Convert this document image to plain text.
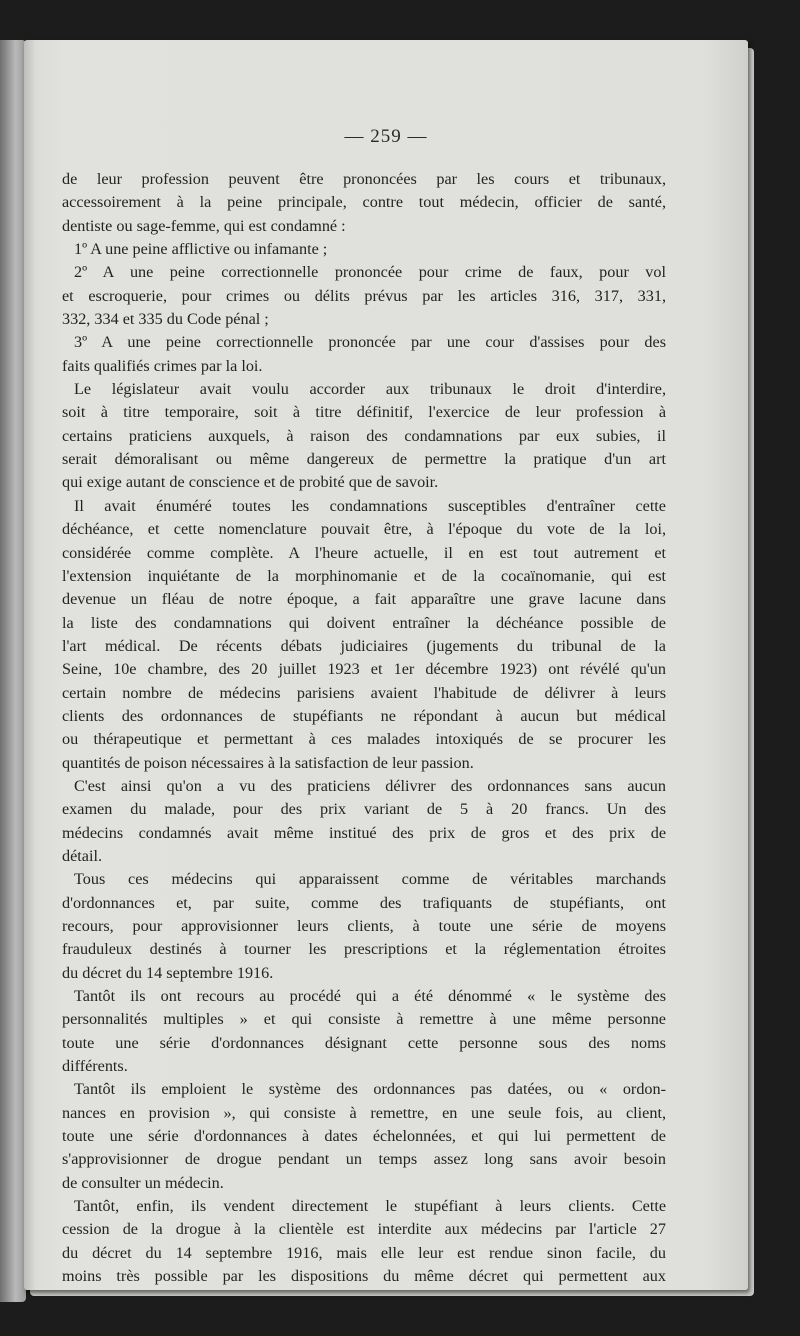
— 259 —
de leur profession peuvent être prononcées par les cours et tribunaux,
accessoirement à la peine principale, contre tout médecin, officier de santé,
dentiste ou sage-femme, qui est condamné :
1º A une peine afflictive ou infamante ;
2º A une peine correctionnelle prononcée pour crime de faux, pour vol
et escroquerie, pour crimes ou délits prévus par les articles 316, 317, 331,
332, 334 et 335 du Code pénal ;
3º A une peine correctionnelle prononcée par une cour d'assises pour des
faits qualifiés crimes par la loi.
Le législateur avait voulu accorder aux tribunaux le droit d'interdire,
soit à titre temporaire, soit à titre définitif, l'exercice de leur profession à
certains praticiens auxquels, à raison des condamnations par eux subies, il
serait démoralisant ou même dangereux de permettre la pratique d'un art
qui exige autant de conscience et de probité que de savoir.
Il avait énuméré toutes les condamnations susceptibles d'entraîner cette
déchéance, et cette nomenclature pouvait être, à l'époque du vote de la loi,
considérée comme complète. A l'heure actuelle, il en est tout autrement et
l'extension inquiétante de la morphinomanie et de la cocaïnomanie, qui est
devenue un fléau de notre époque, a fait apparaître une grave lacune dans
la liste des condamnations qui doivent entraîner la déchéance possible de
l'art médical. De récents débats judiciaires (jugements du tribunal de la
Seine, 10e chambre, des 20 juillet 1923 et 1er décembre 1923) ont révélé qu'un
certain nombre de médecins parisiens avaient l'habitude de délivrer à leurs
clients des ordonnances de stupéfiants ne répondant à aucun but médical
ou thérapeutique et permettant à ces malades intoxiqués de se procurer les
quantités de poison nécessaires à la satisfaction de leur passion.
C'est ainsi qu'on a vu des praticiens délivrer des ordonnances sans aucun
examen du malade, pour des prix variant de 5 à 20 francs. Un des
médecins condamnés avait même institué des prix de gros et des prix de
détail.
Tous ces médecins qui apparaissent comme de véritables marchands
d'ordonnances et, par suite, comme des trafiquants de stupéfiants, ont
recours, pour approvisionner leurs clients, à toute une série de moyens
frauduleux destinés à tourner les prescriptions et la réglementation étroites
du décret du 14 septembre 1916.
Tantôt ils ont recours au procédé qui a été dénommé « le système des
personnalités multiples » et qui consiste à remettre à une même personne
toute une série d'ordonnances désignant cette personne sous des noms
différents.
Tantôt ils emploient le système des ordonnances pas datées, ou « ordon-
nances en provision », qui consiste à remettre, en une seule fois, au client,
toute une série d'ordonnances à dates échelonnées, et qui lui permettent de
s'approvisionner de drogue pendant un temps assez long sans avoir besoin
de consulter un médecin.
Tantôt, enfin, ils vendent directement le stupéfiant à leurs clients. Cette
cession de la drogue à la clientèle est interdite aux médecins par l'article 27
du décret du 14 septembre 1916, mais elle leur est rendue sinon facile, du
moins très possible par les dispositions du même décret qui permettent aux
